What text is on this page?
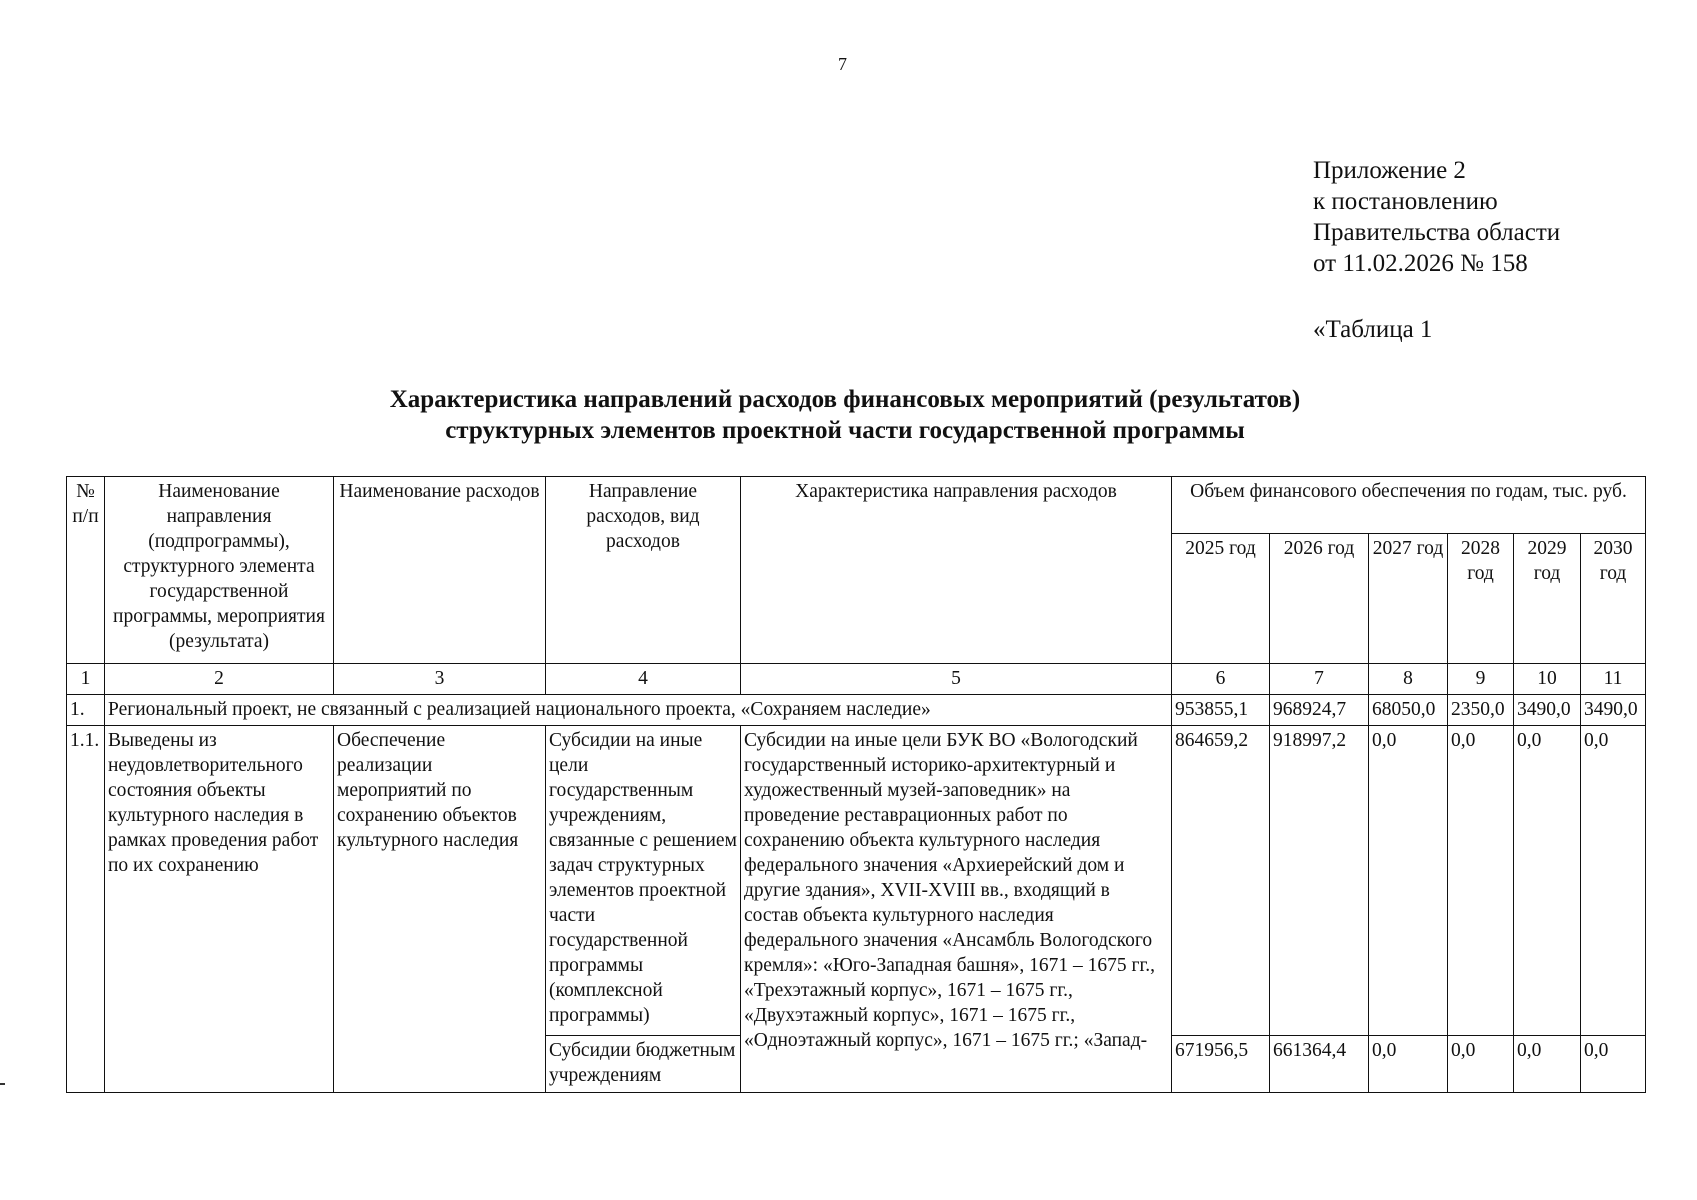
7
Приложение 2
к постановлению
Правительства области
от 11.02.2026 № 158
«Таблица 1
Характеристика направлений расходов финансовых мероприятий (результатов)
структурных элементов проектной части государственной программы
№ п/п	Наименование направления (подпрограммы), структурного элемента государственной программы, мероприятия (результата)	Наименование расходов	Направление расходов, вид расходов	Характеристика направления расходов	Объем финансового обеспечения по годам, тыс. руб.					
					2025 год	2026 год	2027 год	2028 год	2029 год	2030 год
1	2	3	4	5	6	7	8	9	10	11
1.	Региональный проект, не связанный с реализацией национального проекта, «Сохраняем наследие»				953855,1	968924,7	68050,0	2350,0	3490,0	3490,0
1.1.	Выведены из неудовлетворительного состояния объекты культурного наследия в рамках проведения работ по их сохранению	Обеспечение реализации мероприятий по сохранению объектов культурного наследия	Субсидии на иные цели государственным учреждениям, связанные с решением задач структурных элементов проектной части государственной программы (комплексной программы)	Субсидии на иные цели БУК ВО «Вологодский государственный историко-архитектурный и художественный музей-заповедник» на проведение реставрационных работ по сохранению объекта культурного наследия федерального значения «Архиерейский дом и другие здания», XVII-XVIII вв., входящий в состав объекта культурного наследия федерального значения «Ансамбль Вологодского кремля»: «Юго-Западная башня», 1671 – 1675 гг., «Трехэтажный корпус», 1671 – 1675 гг., «Двухэтажный корпус», 1671 – 1675 гг., «Одноэтажный корпус», 1671 – 1675 гг.; «Запад-	864659,2	918997,2	0,0	0,0	0,0	0,0
			Субсидии бюджетным учреждениям		671956,5	661364,4	0,0	0,0	0,0	0,0
